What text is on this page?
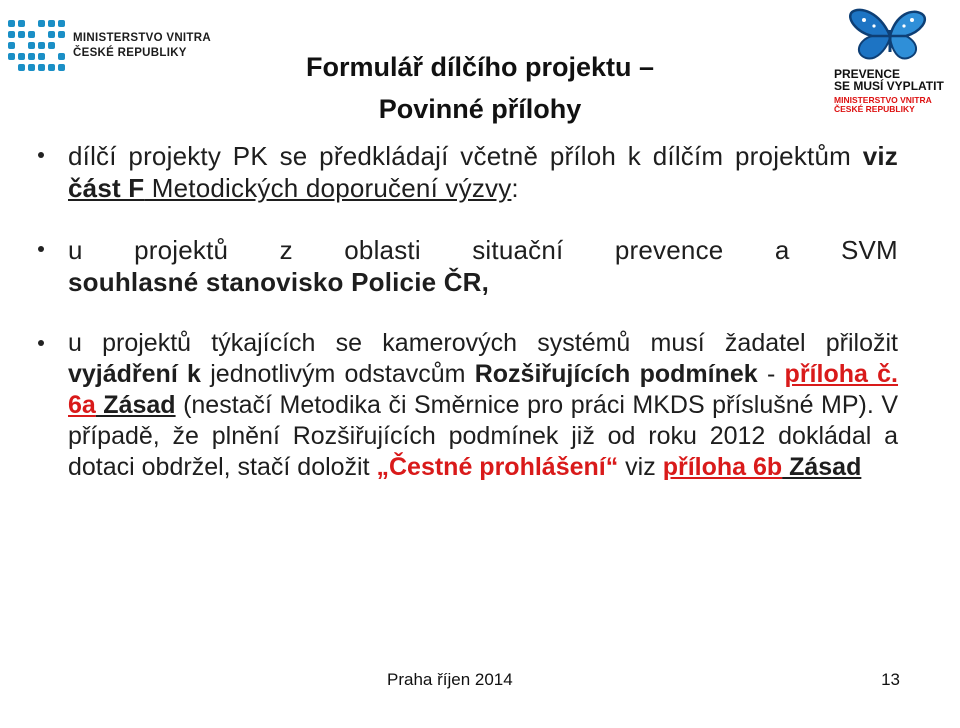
MINISTERSTVO VNITRA
ČESKÉ REPUBLIKY
PREVENCE
SE MUSÍ VYPLATIT
MINISTERSTVO VNITRA
ČESKÉ REPUBLIKY
Formulář dílčího projektu –
Povinné přílohy
dílčí projekty PK se předkládají včetně příloh k dílčím projektům viz část F Metodických doporučení výzvy:
u projektů z oblasti situační prevence a SVM
souhlasné stanovisko Policie ČR,
u projektů týkajících se kamerových systémů musí žadatel přiložit vyjádření k jednotlivým odstavcům Rozšiřujících podmínek - příloha č. 6a Zásad (nestačí Metodika či Směrnice pro práci MKDS příslušné MP). V případě, že plnění Rozšiřujících podmínek již od roku 2012 dokládal a dotaci obdržel, stačí doložit „Čestné prohlášení“ viz příloha 6b Zásad
Praha říjen 2014	13
